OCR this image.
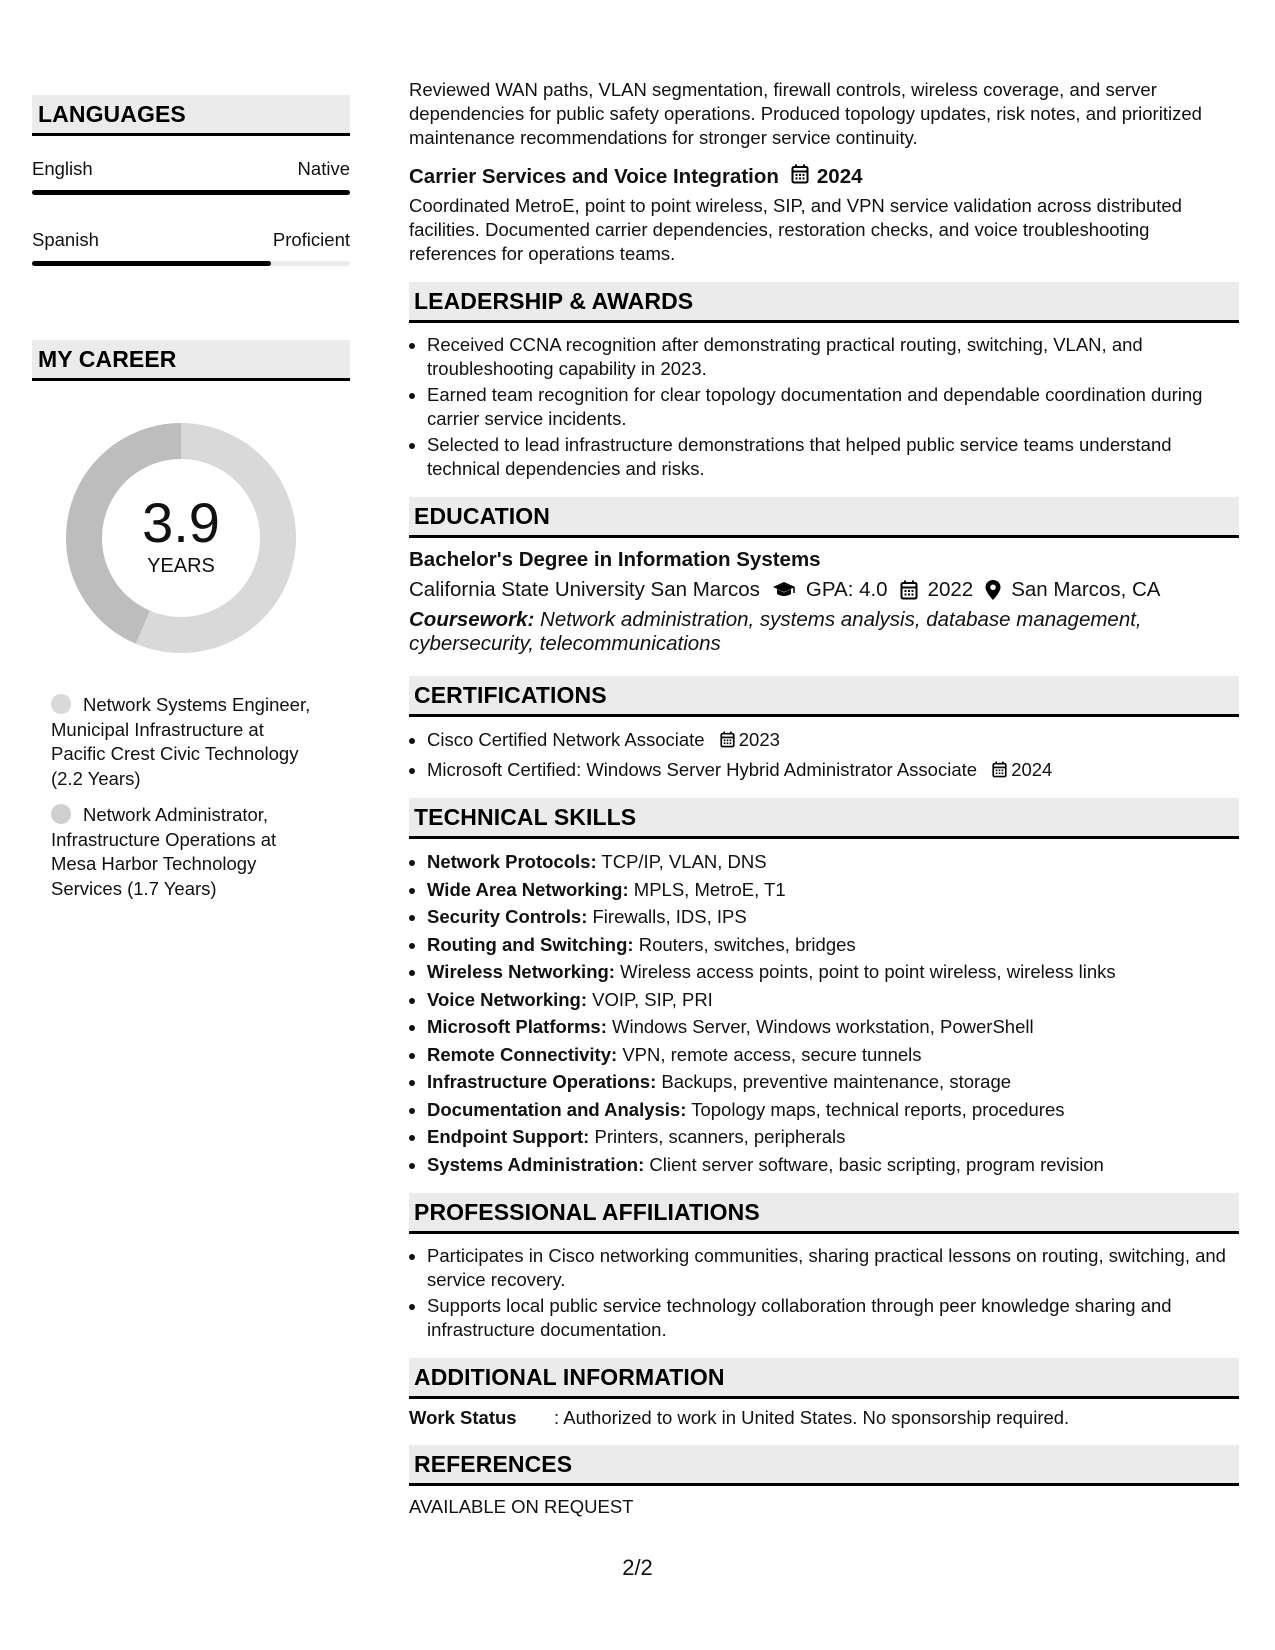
LANGUAGES
English	Native
Spanish	Proficient
MY CAREER
3.9
YEARS
Network Systems Engineer, Municipal Infrastructure at Pacific Crest Civic Technology (2.2 Years)
Network Administrator, Infrastructure Operations at Mesa Harbor Technology Services (1.7 Years)

Reviewed WAN paths, VLAN segmentation, firewall controls, wireless coverage, and server dependencies for public safety operations. Produced topology updates, risk notes, and prioritized maintenance recommendations for stronger service continuity.

Carrier Services and Voice Integration 2024

Coordinated MetroE, point to point wireless, SIP, and VPN service validation across distributed facilities. Documented carrier dependencies, restoration checks, and voice troubleshooting references for operations teams.

LEADERSHIP & AWARDS
• Received CCNA recognition after demonstrating practical routing, switching, VLAN, and troubleshooting capability in 2023.
• Earned team recognition for clear topology documentation and dependable coordination during carrier service incidents.
• Selected to lead infrastructure demonstrations that helped public service teams understand technical dependencies and risks.
EDUCATION
Bachelor's Degree in Information Systems
California State University San Marcos GPA: 4.0 2022 San Marcos, CA
Coursework: Network administration, systems analysis, database management, cybersecurity, telecommunications
CERTIFICATIONS
• Cisco Certified Network Associate 2023
• Microsoft Certified: Windows Server Hybrid Administrator Associate 2024
TECHNICAL SKILLS
• Network Protocols: TCP/IP, VLAN, DNS
• Wide Area Networking: MPLS, MetroE, T1
• Security Controls: Firewalls, IDS, IPS
• Routing and Switching: Routers, switches, bridges
• Wireless Networking: Wireless access points, point to point wireless, wireless links
• Voice Networking: VOIP, SIP, PRI
• Microsoft Platforms: Windows Server, Windows workstation, PowerShell
• Remote Connectivity: VPN, remote access, secure tunnels
• Infrastructure Operations: Backups, preventive maintenance, storage
• Documentation and Analysis: Topology maps, technical reports, procedures
• Endpoint Support: Printers, scanners, peripherals
• Systems Administration: Client server software, basic scripting, program revision
PROFESSIONAL AFFILIATIONS
• Participates in Cisco networking communities, sharing practical lessons on routing, switching, and service recovery.
• Supports local public service technology collaboration through peer knowledge sharing and infrastructure documentation.
ADDITIONAL INFORMATION
Work Status	: Authorized to work in United States. No sponsorship required.
REFERENCES
AVAILABLE ON REQUEST
2/2
